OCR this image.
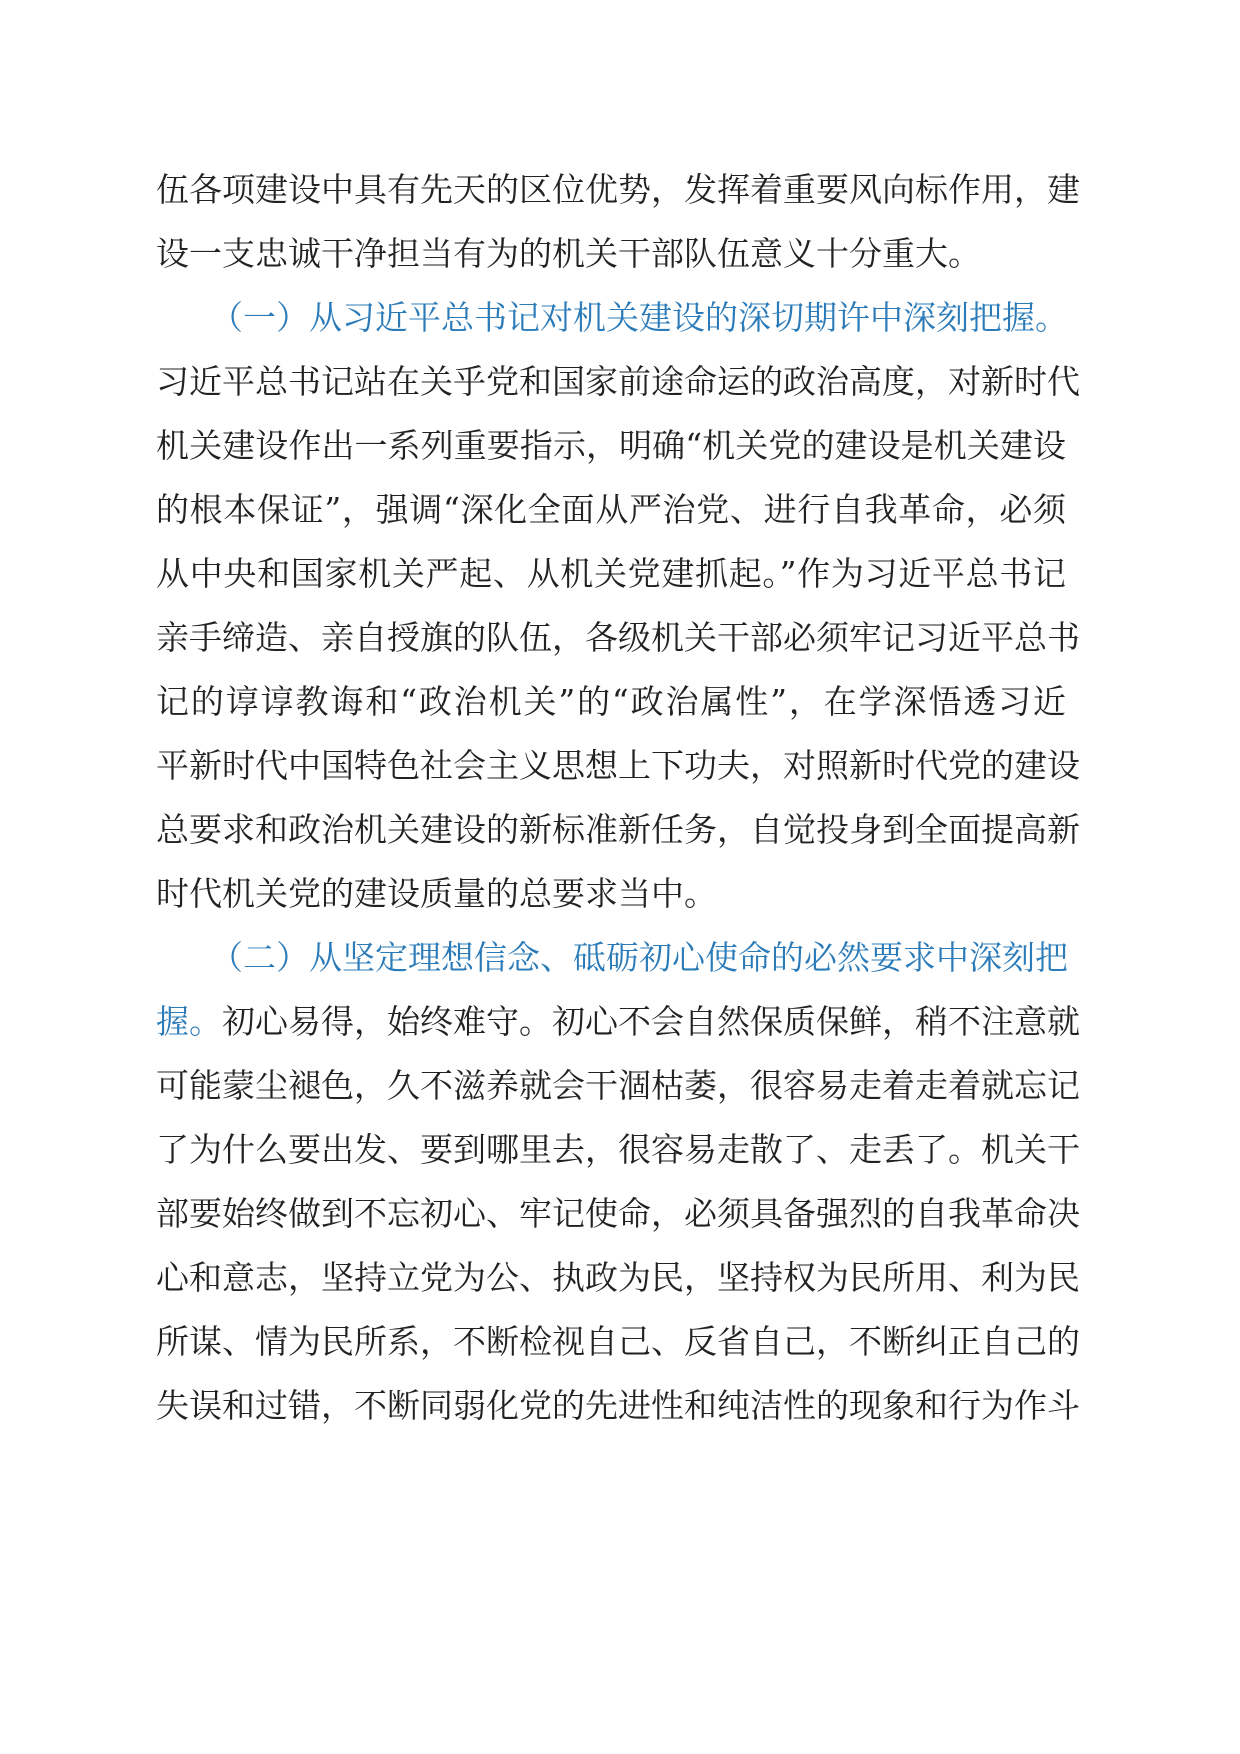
伍各项建设中具有先天的区位优势，发挥着重要风向标作用，建
设一支忠诚干净担当有为的机关干部队伍意义十分重大。
（一）从习近平总书记对机关建设的深切期许中深刻把握。
习近平总书记站在关乎党和国家前途命运的政治高度，对新时代
机关建设作出一系列重要指示，明确“机关党的建设是机关建设
的根本保证”，强调“深化全面从严治党、进行自我革命，必须
从中央和国家机关严起、从机关党建抓起。”作为习近平总书记
亲手缔造、亲自授旗的队伍，各级机关干部必须牢记习近平总书
记的谆谆教诲和“政治机关”的“政治属性”，在学深悟透习近
平新时代中国特色社会主义思想上下功夫，对照新时代党的建设
总要求和政治机关建设的新标准新任务，自觉投身到全面提高新
时代机关党的建设质量的总要求当中。
（二）从坚定理想信念、砥砺初心使命的必然要求中深刻把
握。初心易得，始终难守。初心不会自然保质保鲜，稍不注意就
可能蒙尘褪色，久不滋养就会干涸枯萎，很容易走着走着就忘记
了为什么要出发、要到哪里去，很容易走散了、走丢了。机关干
部要始终做到不忘初心、牢记使命，必须具备强烈的自我革命决
心和意志，坚持立党为公、执政为民，坚持权为民所用、利为民
所谋、情为民所系，不断检视自己、反省自己，不断纠正自己的
失误和过错，不断同弱化党的先进性和纯洁性的现象和行为作斗
